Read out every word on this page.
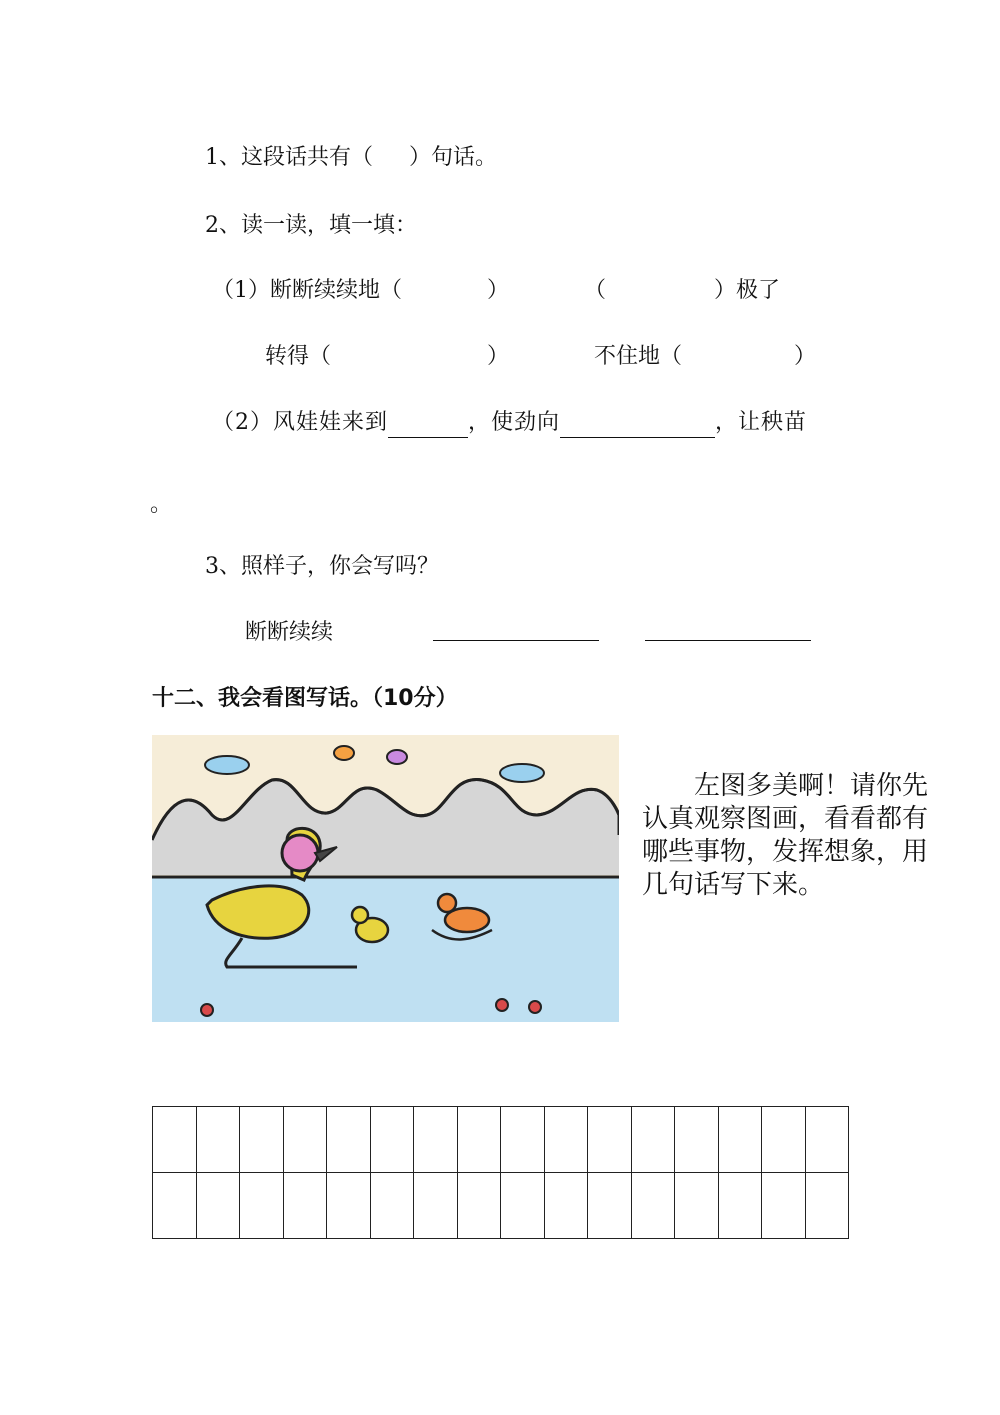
1、这段话共有（ ）句话。
2、读一读，填一填：
（1）断断续续地（	）	（	）极了
转得（	）	不住地（	）
（2）风娃娃来到	，使劲向	，让秧苗
。
3、照样子，你会写吗？
断断续续
十二、我会看图写话。（10分）
左图多美啊！请你先认真观察图画，看看都有哪些事物，发挥想象，用几句话写下来。
